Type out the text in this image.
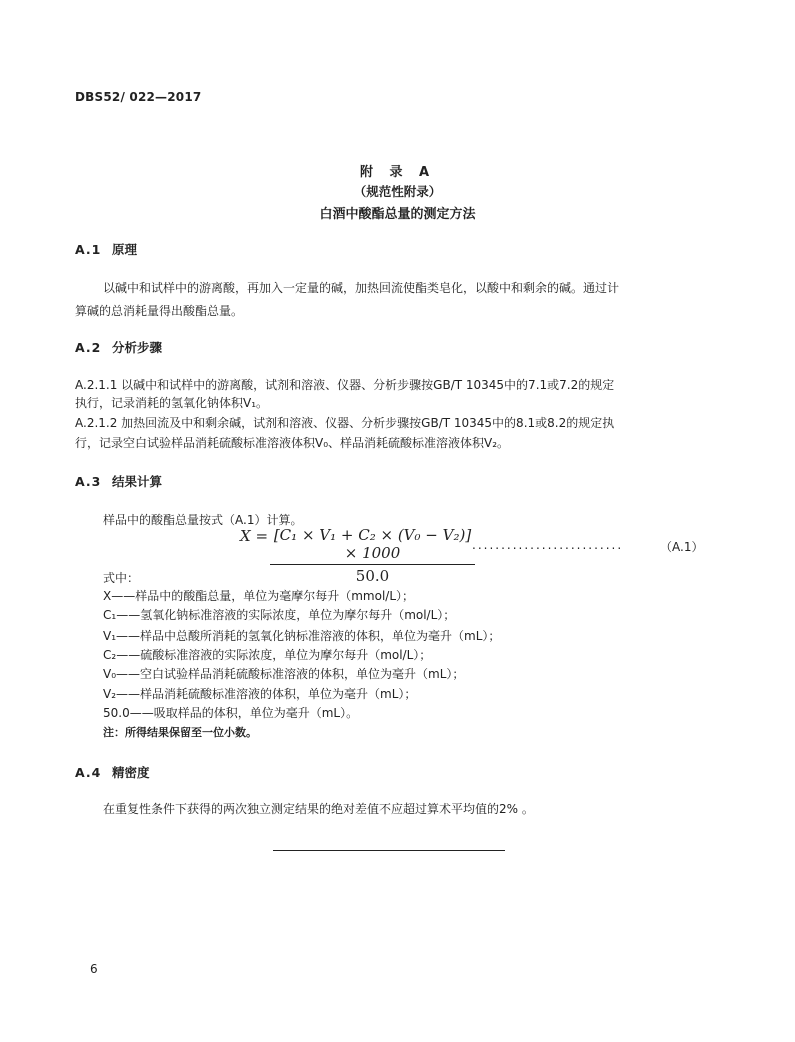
DBS52/ 022—2017
附 录 A
（规范性附录）
白酒中酸酯总量的测定方法
A.1 原理
以碱中和试样中的游离酸，再加入一定量的碱，加热回流使酯类皂化，以酸中和剩余的碱。通过计
算碱的总消耗量得出酸酯总量。
A.2 分析步骤
A.2.1.1 以碱中和试样中的游离酸，试剂和溶液、仪器、分析步骤按GB/T 10345中的7.1或7.2的规定
执行，记录消耗的氢氧化钠体积V₁。
A.2.1.2 加热回流及中和剩余碱，试剂和溶液、仪器、分析步骤按GB/T 10345中的8.1或8.2的规定执
行，记录空白试验样品消耗硫酸标准溶液体积V₀、样品消耗硫酸标准溶液体积V₂。
A.3 结果计算
样品中的酸酯总量按式（A.1）计算。
$X = \frac{\text{[C₁ × V₁ + C₂ × (V₀ − V₂)] × 1000}}{50.0}$
..........................	（A.1）
式中：
X——样品中的酸酯总量，单位为毫摩尔每升（mmol/L）；
C₁——氢氧化钠标准溶液的实际浓度，单位为摩尔每升（mol/L）；
V₁——样品中总酸所消耗的氢氧化钠标准溶液的体积，单位为毫升（mL）；
C₂——硫酸标准溶液的实际浓度，单位为摩尔每升（mol/L）；
V₀——空白试验样品消耗硫酸标准溶液的体积，单位为毫升（mL）；
V₂——样品消耗硫酸标准溶液的体积，单位为毫升（mL）；
50.0——吸取样品的体积，单位为毫升（mL）。
注：所得结果保留至一位小数。
A.4 精密度
在重复性条件下获得的两次独立测定结果的绝对差值不应超过算术平均值的2% 。
6
